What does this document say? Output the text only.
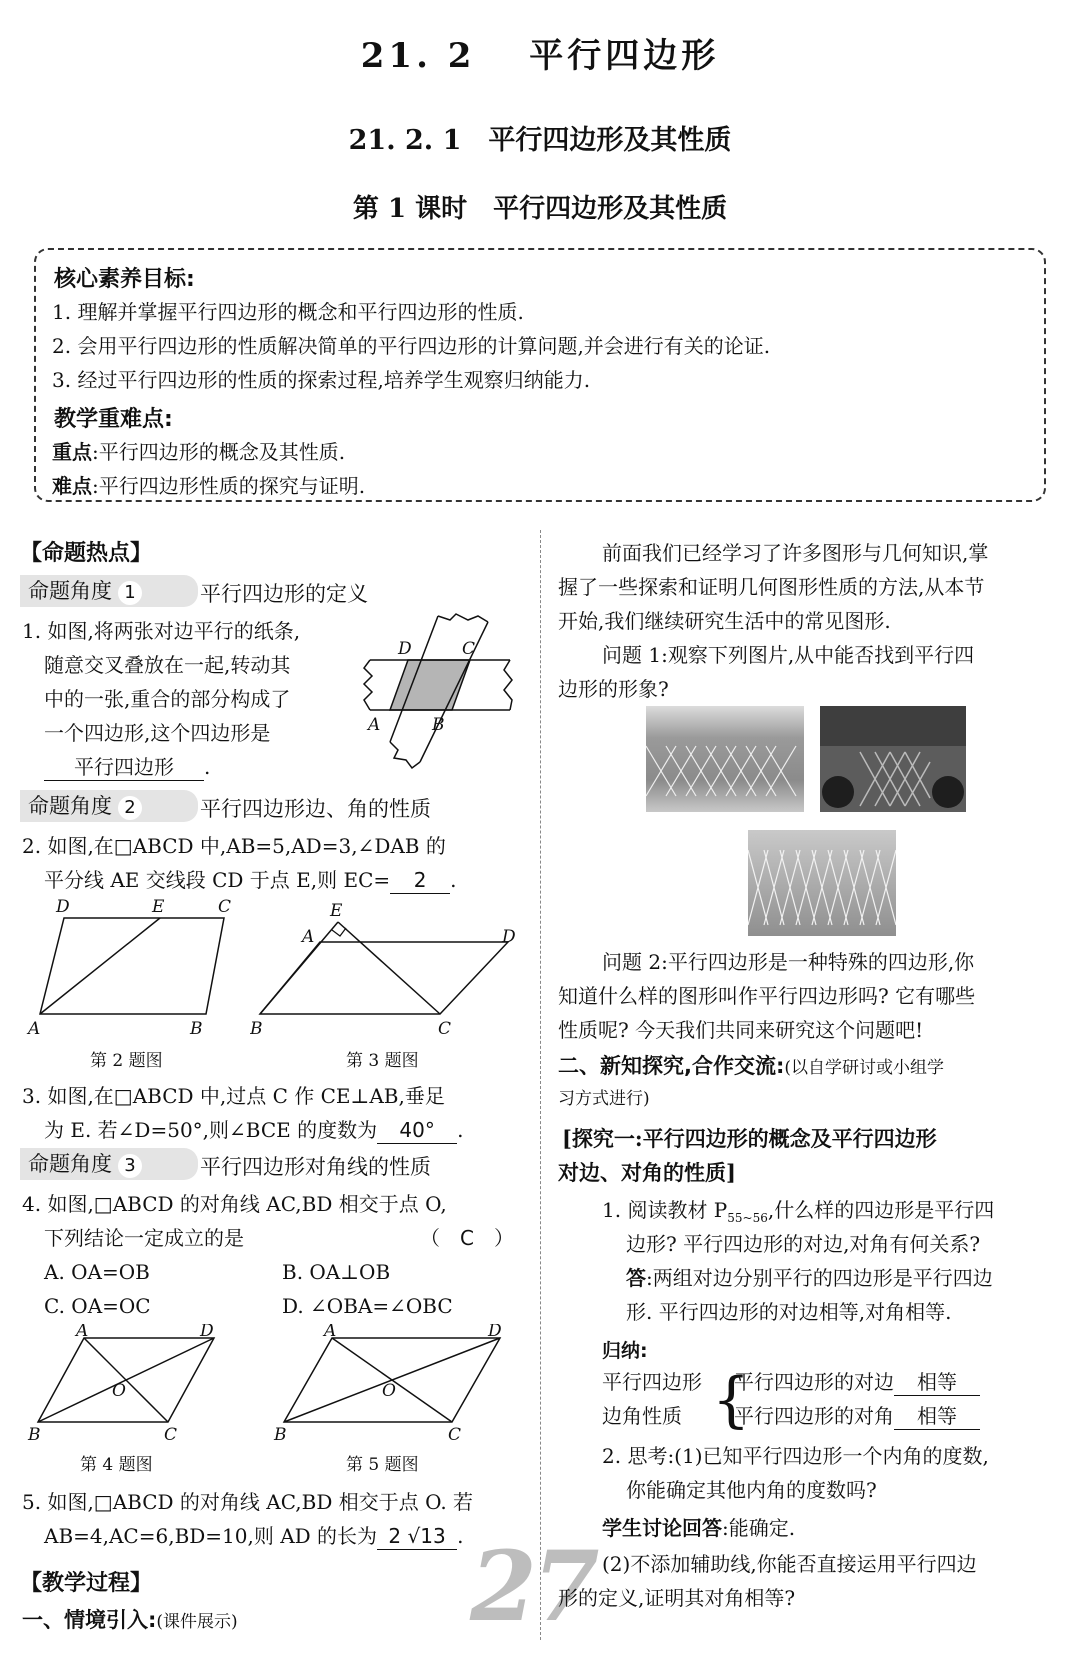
21. 2　 平行四边形
21. 2. 1　平行四边形及其性质
第 1 课时　平行四边形及其性质
核心素养目标:
1. 理解并掌握平行四边形的概念和平行四边形的性质.
2. 会用平行四边形的性质解决简单的平行四边形的计算问题,并会进行有关的论证.
3. 经过平行四边形的性质的探索过程,培养学生观察归纳能力.
教学重难点:
重点:平行四边形的概念及其性质.
难点:平行四边形性质的探究与证明.
【命题热点】
命题角度 1	平行四边形的定义
1. 如图,将两张对边平行的纸条,
随意交叉叠放在一起,转动其
中的一张,重合的部分构成了
一个四边形,这个四边形是
平行四边形 .
D	C
A	B
命题角度 2	平行四边形边、角的性质
2. 如图,在□ABCD 中,AB=5,AD=3,∠DAB 的
平分线 AE 交线段 CD 于点 E,则 EC= 2 .
D	E	C
A	B
第 2 题图
E
A	D
B	C
第 3 题图
3. 如图,在□ABCD 中,过点 C 作 CE⊥AB,垂足
为 E. 若∠D=50°,则∠BCE 的度数为 40° .
命题角度 3	平行四边形对角线的性质
4. 如图,□ABCD 的对角线 AC,BD 相交于点 O,
下列结论一定成立的是	（　C　）
A. OA=OB	B. OA⊥OB
C. OA=OC	D. ∠OBA=∠OBC
A	D
O
B	C
第 4 题图
A	D
O
B	C
第 5 题图
5. 如图,□ABCD 的对角线 AC,BD 相交于点 O. 若
AB=4,AC=6,BD=10,则 AD 的长为 2 √13 .
【教学过程】
一、情境引入:(课件展示) 27
前面我们已经学习了许多图形与几何知识,掌
握了一些探索和证明几何图形性质的方法,从本节
开始,我们继续研究生活中的常见图形.
问题 1:观察下列图片,从中能否找到平行四
边形的形象?
问题 2:平行四边形是一种特殊的四边形,你
知道什么样的图形叫作平行四边形吗? 它有哪些
性质呢? 今天我们共同来研究这个问题吧!
二、新知探究,合作交流:(以自学研讨或小组学
习方式进行)
[探究一:平行四边形的概念及平行四边形
对边、对角的性质]
1. 阅读教材 $P_{55\sim 56}$,什么样的四边形是平行四
边形? 平行四边形的对边,对角有何关系?
答:两组对边分别平行的四边形是平行四边
形. 平行四边形的对边相等,对角相等.
归纳:
平行四边形
边角性质 {
平行四边形的对边 相等
平行四边形的对角 相等
2. 思考:(1)已知平行四边形一个内角的度数,
你能确定其他内角的度数吗?
学生讨论回答:能确定.
(2)不添加辅助线,你能否直接运用平行四边
形的定义,证明其对角相等?
